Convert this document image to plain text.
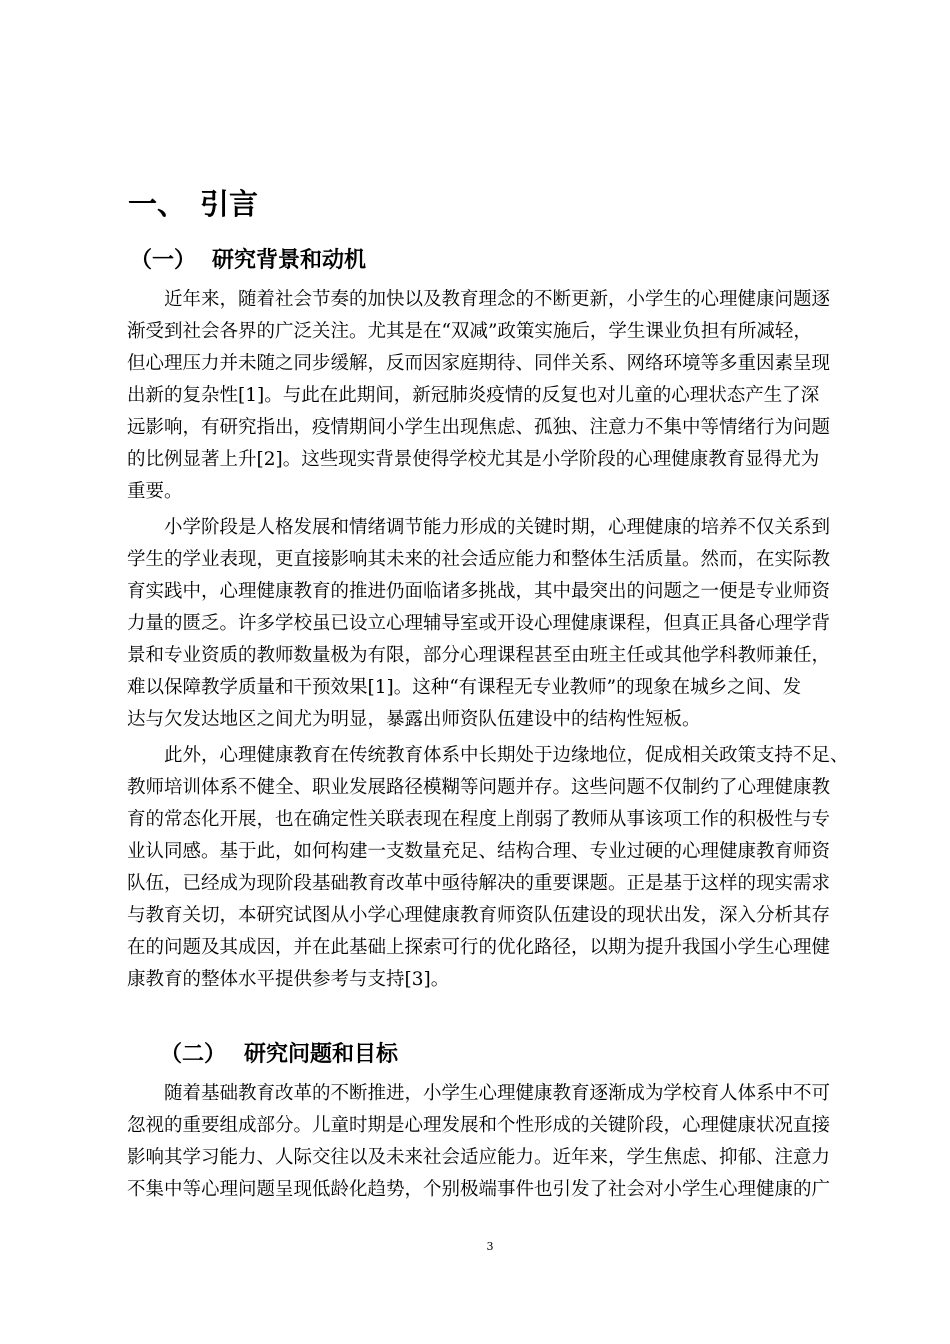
一、 引言
（一） 研究背景和动机
　　近年来，随着社会节奏的加快以及教育理念的不断更新，小学生的心理健康问题逐
渐受到社会各界的广泛关注。尤其是在“双减”政策实施后，学生课业负担有所减轻，
但心理压力并未随之同步缓解，反而因家庭期待、同伴关系、网络环境等多重因素呈现
出新的复杂性[1]。与此在此期间，新冠肺炎疫情的反复也对儿童的心理状态产生了深
远影响，有研究指出，疫情期间小学生出现焦虑、孤独、注意力不集中等情绪行为问题
的比例显著上升[2]。这些现实背景使得学校尤其是小学阶段的心理健康教育显得尤为
重要。
　　小学阶段是人格发展和情绪调节能力形成的关键时期，心理健康的培养不仅关系到
学生的学业表现，更直接影响其未来的社会适应能力和整体生活质量。然而，在实际教
育实践中，心理健康教育的推进仍面临诸多挑战，其中最突出的问题之一便是专业师资
力量的匮乏。许多学校虽已设立心理辅导室或开设心理健康课程，但真正具备心理学背
景和专业资质的教师数量极为有限，部分心理课程甚至由班主任或其他学科教师兼任，
难以保障教学质量和干预效果[1]。这种“有课程无专业教师”的现象在城乡之间、发
达与欠发达地区之间尤为明显，暴露出师资队伍建设中的结构性短板。
　　此外，心理健康教育在传统教育体系中长期处于边缘地位，促成相关政策支持不足、
教师培训体系不健全、职业发展路径模糊等问题并存。这些问题不仅制约了心理健康教
育的常态化开展，也在确定性关联表现在程度上削弱了教师从事该项工作的积极性与专
业认同感。基于此，如何构建一支数量充足、结构合理、专业过硬的心理健康教育师资
队伍，已经成为现阶段基础教育改革中亟待解决的重要课题。正是基于这样的现实需求
与教育关切，本研究试图从小学心理健康教育师资队伍建设的现状出发，深入分析其存
在的问题及其成因，并在此基础上探索可行的优化路径，以期为提升我国小学生心理健
康教育的整体水平提供参考与支持[3]。
（二） 研究问题和目标
　　随着基础教育改革的不断推进，小学生心理健康教育逐渐成为学校育人体系中不可
忽视的重要组成部分。儿童时期是心理发展和个性形成的关键阶段，心理健康状况直接
影响其学习能力、人际交往以及未来社会适应能力。近年来，学生焦虑、抑郁、注意力
不集中等心理问题呈现低龄化趋势，个别极端事件也引发了社会对小学生心理健康的广
3
